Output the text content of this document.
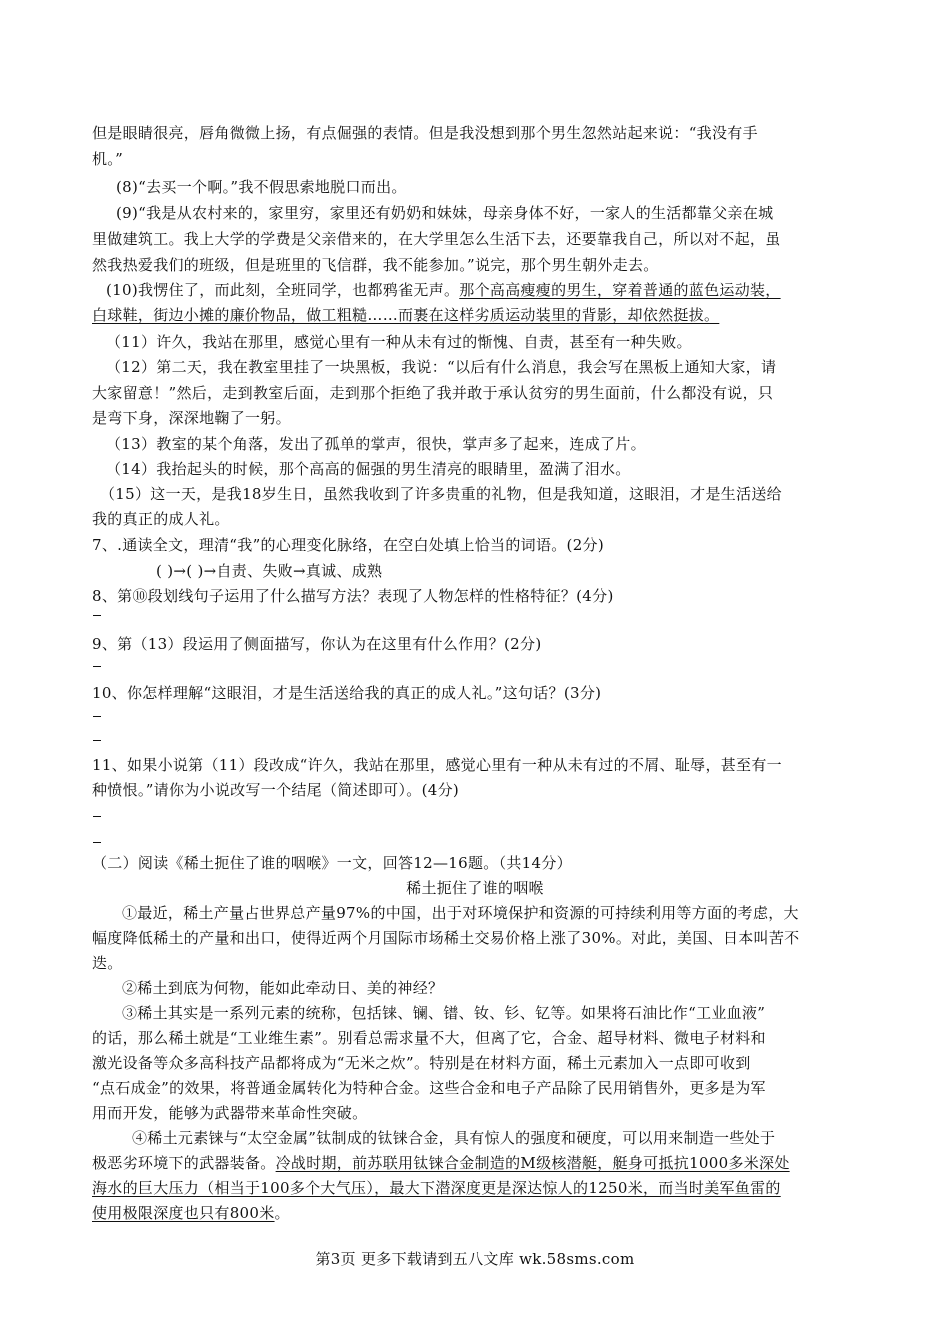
但是眼睛很亮，唇角微微上扬，有点倔强的表情。但是我没想到那个男生忽然站起来说：“我没有手
机。”
(8)“去买一个啊。”我不假思索地脱口而出。
(9)“我是从农村来的，家里穷，家里还有奶奶和妹妹，母亲身体不好，一家人的生活都靠父亲在城
里做建筑工。我上大学的学费是父亲借来的，在大学里怎么生活下去，还要靠我自己，所以对不起，虽
然我热爱我们的班级，但是班里的飞信群，我不能参加。”说完，那个男生朝外走去。
(10)我愣住了，而此刻，全班同学，也都鸦雀无声。那个高高瘦瘦的男生，穿着普通的蓝色运动装，
白球鞋，街边小摊的廉价物品，做工粗糙……而裹在这样劣质运动装里的背影，却依然挺拔。
（11）许久，我站在那里，感觉心里有一种从未有过的惭愧、自责，甚至有一种失败。
（12）第二天，我在教室里挂了一块黑板，我说：“以后有什么消息，我会写在黑板上通知大家，请
大家留意！”然后，走到教室后面，走到那个拒绝了我并敢于承认贫穷的男生面前，什么都没有说，只
是弯下身，深深地鞠了一躬。
（13）教室的某个角落，发出了孤单的掌声，很快，掌声多了起来，连成了片。
（14）我抬起头的时候，那个高高的倔强的男生清亮的眼睛里，盈满了泪水。
（15）这一天，是我18岁生日，虽然我收到了许多贵重的礼物，但是我知道，这眼泪，才是生活送给
我的真正的成人礼。
7、.通读全文，理清“我”的心理变化脉络，在空白处填上恰当的词语。(2分)
( )→( )→自责、失败→真诚、成熟
8、第⑩段划线句子运用了什么描写方法？表现了人物怎样的性格特征？(4分)
9、第（13）段运用了侧面描写，你认为在这里有什么作用？(2分)
10、你怎样理解“这眼泪，才是生活送给我的真正的成人礼。”这句话？(3分)
11、如果小说第（11）段改成“许久，我站在那里，感觉心里有一种从未有过的不屑、耻辱，甚至有一
种愤恨。”请你为小说改写一个结尾（简述即可）。(4分)
（二）阅读《稀土扼住了谁的咽喉》一文，回答12—16题。（共14分）
稀土扼住了谁的咽喉
①最近，稀土产量占世界总产量97%的中国，出于对环境保护和资源的可持续利用等方面的考虑，大
幅度降低稀土的产量和出口，使得近两个月国际市场稀土交易价格上涨了30%。对此，美国、日本叫苦不
迭。
②稀土到底为何物，能如此牵动日、美的神经？
③稀土其实是一系列元素的统称，包括铼、镧、镨、钕、钐、钇等。如果将石油比作“工业血液”
的话，那么稀土就是“工业维生素”。别看总需求量不大，但离了它，合金、超导材料、微电子材料和
激光设备等众多高科技产品都将成为“无米之炊”。特别是在材料方面，稀土元素加入一点即可收到
“点石成金”的效果，将普通金属转化为特种合金。这些合金和电子产品除了民用销售外，更多是为军
用而开发，能够为武器带来革命性突破。
④稀土元素铼与“太空金属”钛制成的钛铼合金，具有惊人的强度和硬度，可以用来制造一些处于
极恶劣环境下的武器装备。冷战时期，前苏联用钛铼合金制造的M级核潜艇，艇身可抵抗1000多米深处
海水的巨大压力（相当于100多个大气压），最大下潜深度更是深达惊人的1250米，而当时美军鱼雷的
使用极限深度也只有800米。
第3页 更多下载请到五八文库 wk.58sms.com
